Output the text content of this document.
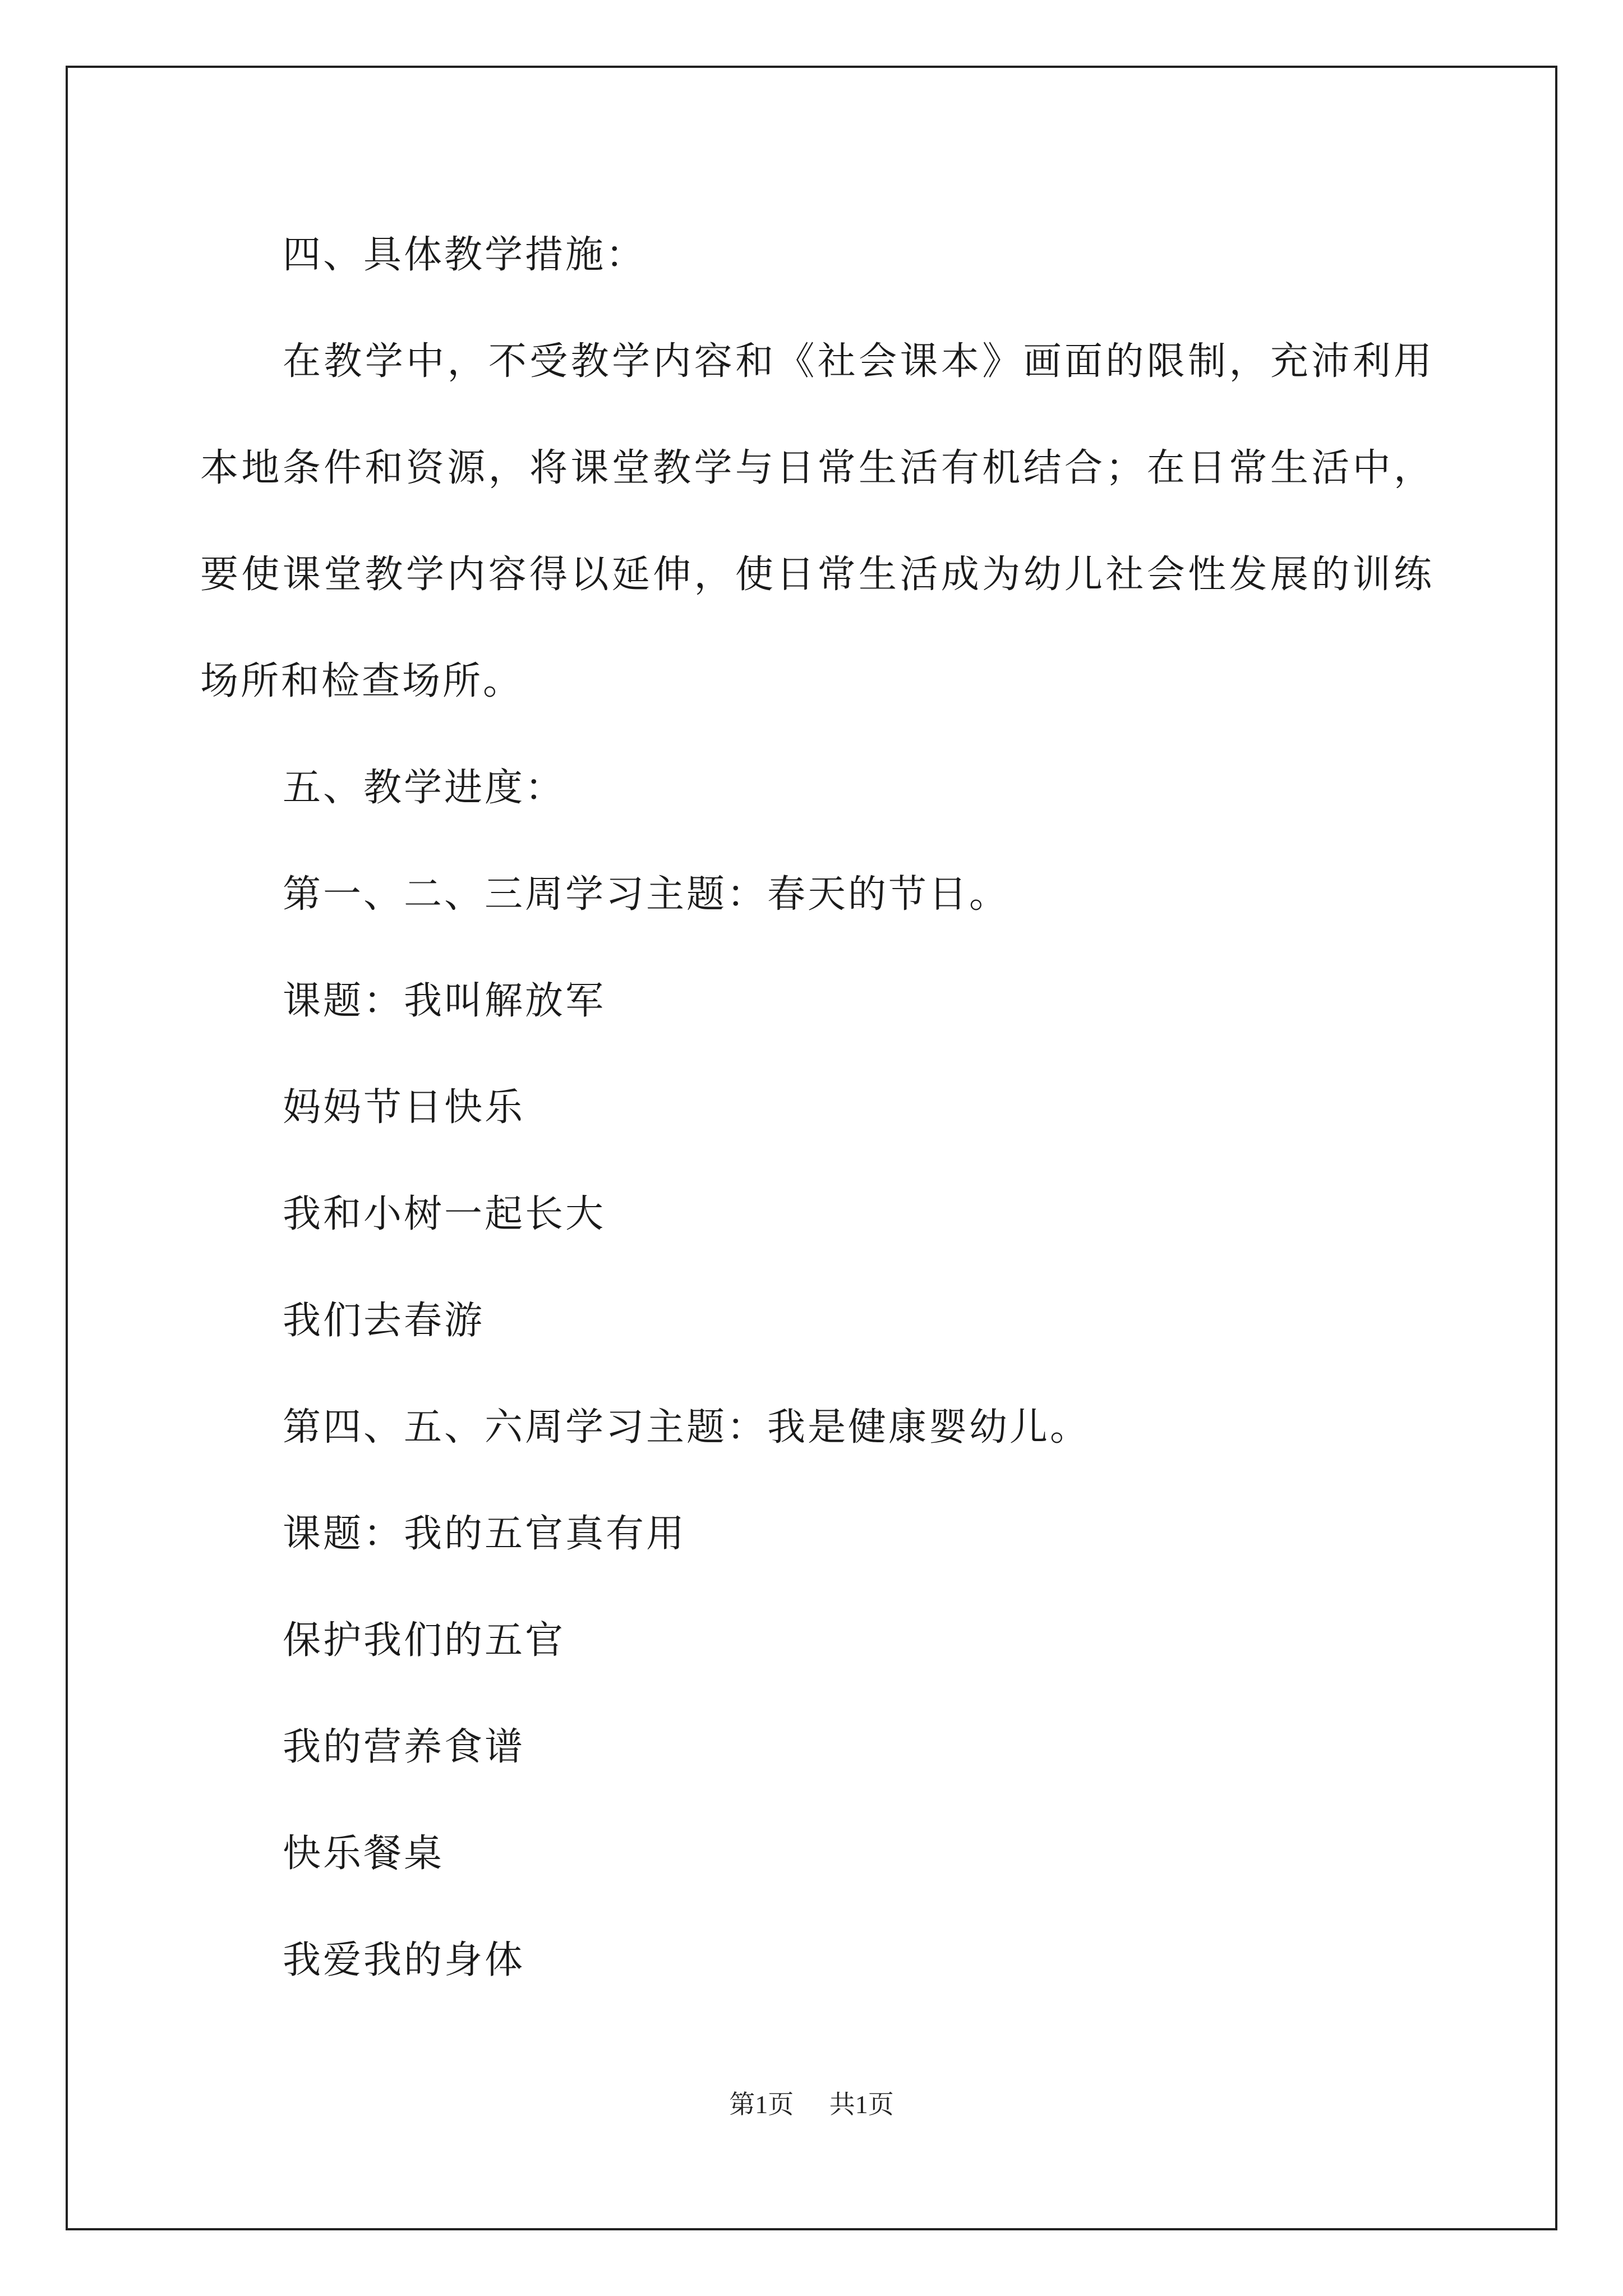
四、具体教学措施：

在教学中，不受教学内容和《社会课本》画面的限制，充沛利用本地条件和资源，将课堂教学与日常生活有机结合；在日常生活中，要使课堂教学内容得以延伸，使日常生活成为幼儿社会性发展的训练场所和检查场所。

五、教学进度：

第一、二、三周学习主题：春天的节日。

课题：我叫解放军

妈妈节日快乐

我和小树一起长大

我们去春游

第四、五、六周学习主题：我是健康婴幼儿。

课题：我的五官真有用

保护我们的五官

我的营养食谱

快乐餐桌

我爱我的身体

第1页 共1页
